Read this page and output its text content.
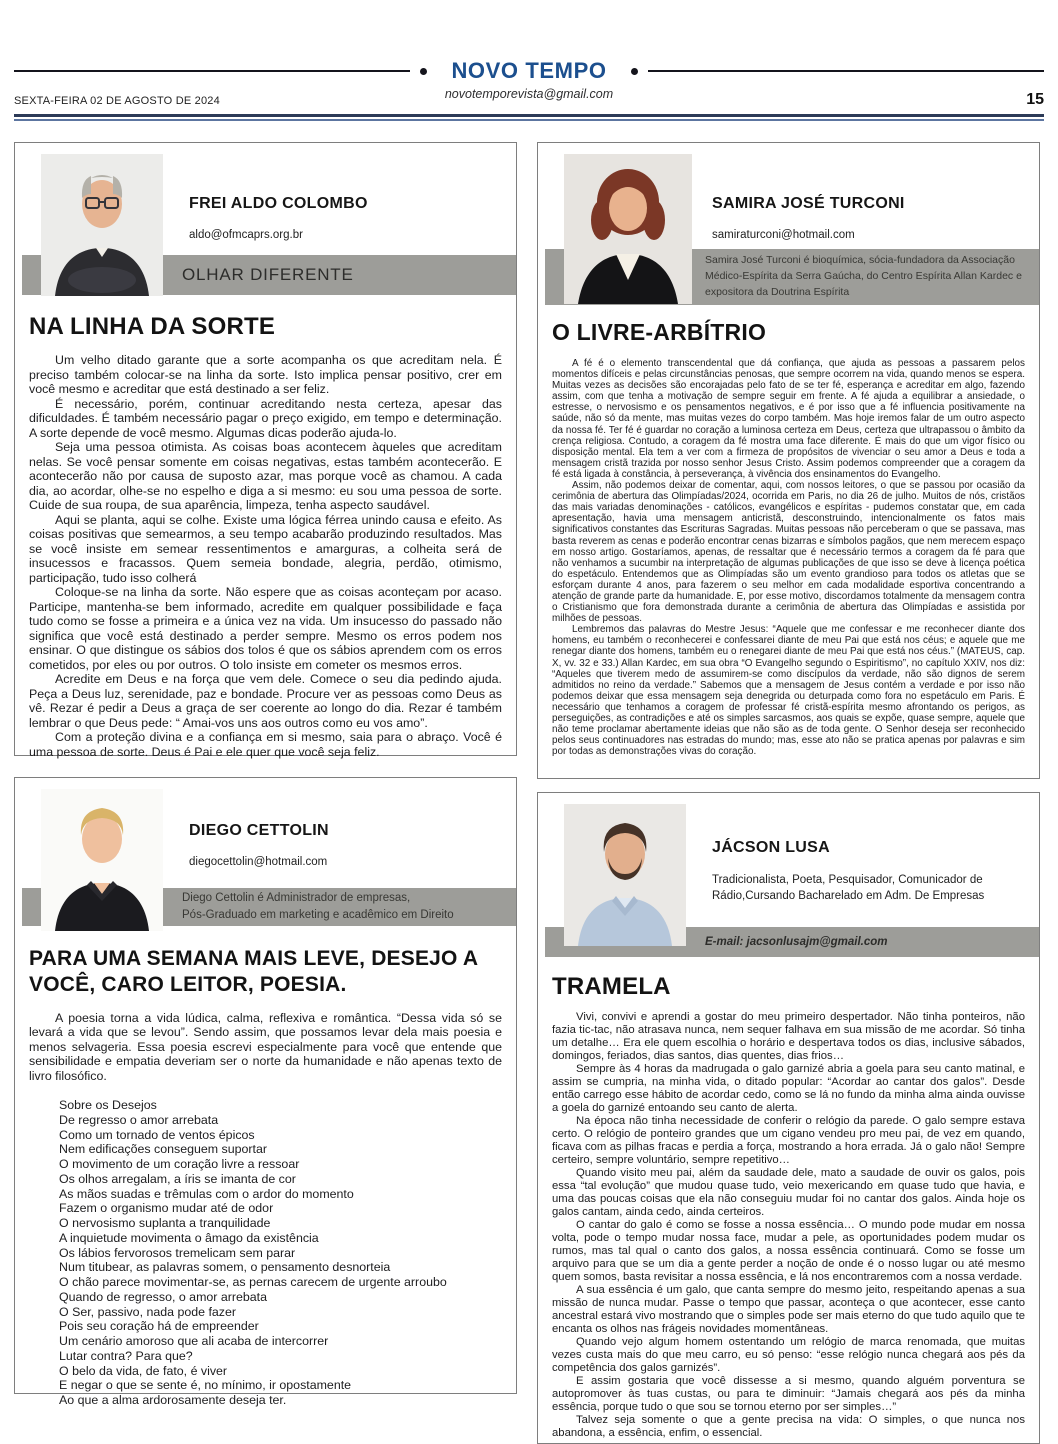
NOVO TEMPO
SEXTA-FEIRA 02 DE AGOSTO DE 2024	novotemporevista@gmail.com	15
OLHAR DIFERENTE
FREI ALDO COLOMBO
aldo@ofmcaprs.org.br
NA LINHA DA SORTE

Um velho ditado garante que a sorte acompanha os que acreditam nela. É preciso também colocar-se na linha da sorte. Isto implica pensar positivo, crer em você mesmo e acreditar que está destinado a ser feliz.

É necessário, porém, continuar acreditando nesta certeza, apesar das dificuldades. É também necessário pagar o preço exigido, em tempo e determinação. A sorte depende de você mesmo. Algumas dicas poderão ajuda-lo.

Seja uma pessoa otimista. As coisas boas acontecem àqueles que acreditam nelas. Se você pensar somente em coisas negativas, estas também acontecerão. E acontecerão não por causa de suposto azar, mas porque você as chamou. A cada dia, ao acordar, olhe-se no espelho e diga a si mesmo: eu sou uma pessoa de sorte. Cuide de sua roupa, de sua aparência, limpeza, tenha aspecto saudável.

Aqui se planta, aqui se colhe. Existe uma lógica férrea unindo causa e efeito. As coisas positivas que semearmos, a seu tempo acabarão produzindo resultados. Mas se você insiste em semear ressentimentos e amarguras, a colheita será de insucessos e fracassos. Quem semeia bondade, alegria, perdão, otimismo, participação, tudo isso colherá

Coloque-se na linha da sorte. Não espere que as coisas aconteçam por acaso. Participe, mantenha-se bem informado, acredite em qualquer possibilidade e faça tudo como se fosse a primeira e a única vez na vida. Um insucesso do passado não significa que você está destinado a perder sempre. Mesmo os erros podem nos ensinar. O que distingue os sábios dos tolos é que os sábios aprendem com os erros cometidos, por eles ou por outros. O tolo insiste em cometer os mesmos erros.

Acredite em Deus e na força que vem dele. Comece o seu dia pedindo ajuda. Peça a Deus luz, serenidade, paz e bondade. Procure ver as pessoas como Deus as vê. Rezar é pedir a Deus a graça de ser coerente ao longo do dia. Rezar é também lembrar o que Deus pede: “ Amai-vos uns aos outros como eu vos amo”.

Com a proteção divina e a confiança em si mesmo, saia para o abraço. Você é uma pessoa de sorte. Deus é Pai e ele quer que você seja feliz.

Diego Cettolin é Administrador de empresas,
Pós-Graduado em marketing e acadêmico em Direito
DIEGO CETTOLIN
diegocettolin@hotmail.com
PARA UMA SEMANA MAIS LEVE, DESEJO A VOCÊ, CARO LEITOR, POESIA.

A poesia torna a vida lúdica, calma, reflexiva e romântica. “Dessa vida só se levará a vida que se levou”. Sendo assim, que possamos levar dela mais poesia e menos selvageria. Essa poesia escrevi especialmente para você que entende que sensibilidade e empatia deveriam ser o norte da humanidade e não apenas texto de livro filosófico.

Sobre os Desejos
De regresso o amor arrebata
Como um tornado de ventos épicos
Nem edificações conseguem suportar
O movimento de um coração livre a ressoar
Os olhos arregalam, a íris se imanta de cor
As mãos suadas e trêmulas com o ardor do momento
Fazem o organismo mudar até de odor
O nervosismo suplanta a tranquilidade
A inquietude movimenta o âmago da existência
Os lábios fervorosos tremelicam sem parar
Num titubear, as palavras somem, o pensamento desnorteia
O chão parece movimentar-se, as pernas carecem de urgente arroubo
Quando de regresso, o amor arrebata
O Ser, passivo, nada pode fazer
Pois seu coração há de empreender
Um cenário amoroso que ali acaba de intercorrer
Lutar contra? Para que?
O belo da vida, de fato, é viver
E negar o que se sente é, no mínimo, ir opostamente
Ao que a alma ardorosamente deseja ter.
Samira José Turconi é bioquímica, sócia-fundadora da Associação Médico-Espírita da Serra Gaúcha, do Centro Espírita Allan Kardec e expositora da Doutrina Espírita
SAMIRA JOSÉ TURCONI
samiraturconi@hotmail.com
O LIVRE-ARBÍTRIO

A fé é o elemento transcendental que dá confiança, que ajuda as pessoas a passarem pelos momentos difíceis e pelas circunstâncias penosas, que sempre ocorrem na vida, quando menos se espera. Muitas vezes as decisões são encorajadas pelo fato de se ter fé, esperança e acreditar em algo, fazendo assim, com que tenha a motivação de sempre seguir em frente. A fé ajuda a equilibrar a ansiedade, o estresse, o nervosismo e os pensamentos negativos, e é por isso que a fé influencia positivamente na saúde, não só da mente, mas muitas vezes do corpo também. Mas hoje iremos falar de um outro aspecto da nossa fé. Ter fé é guardar no coração a luminosa certeza em Deus, certeza que ultrapassou o âmbito da crença religiosa. Contudo, a coragem da fé mostra uma face diferente. É mais do que um vigor físico ou disposição mental. Ela tem a ver com a firmeza de propósitos de vivenciar o seu amor a Deus e toda a mensagem cristã trazida por nosso senhor Jesus Cristo. Assim podemos compreender que a coragem da fé está ligada à constância, à perseverança, à vivência dos ensinamentos do Evangelho.

Assim, não podemos deixar de comentar, aqui, com nossos leitores, o que se passou por ocasião da cerimônia de abertura das Olimpíadas/2024, ocorrida em Paris, no dia 26 de julho. Muitos de nós, cristãos das mais variadas denominações - católicos, evangélicos e espíritas - pudemos constatar que, em cada apresentação, havia uma mensagem anticristã, desconstruindo, intencionalmente os fatos mais significativos constantes das Escrituras Sagradas. Muitas pessoas não perceberam o que se passava, mas basta reverem as cenas e poderão encontrar cenas bizarras e símbolos pagãos, que nem merecem espaço em nosso artigo. Gostaríamos, apenas, de ressaltar que é necessário termos a coragem da fé para que não venhamos a sucumbir na interpretação de algumas publicações de que isso se deve à licença poética do espetáculo. Entendemos que as Olimpíadas são um evento grandioso para todos os atletas que se esforçam durante 4 anos, para fazerem o seu melhor em cada modalidade esportiva concentrando a atenção de grande parte da humanidade. E, por esse motivo, discordamos totalmente da mensagem contra o Cristianismo que fora demonstrada durante a cerimônia de abertura das Olimpíadas e assistida por milhões de pessoas.

Lembremos das palavras do Mestre Jesus: “Aquele que me confessar e me reconhecer diante dos homens, eu também o reconhecerei e confessarei diante de meu Pai que está nos céus; e aquele que me renegar diante dos homens, também eu o renegarei diante de meu Pai que está nos céus.” (MATEUS, cap. X, vv. 32 e 33.) Allan Kardec, em sua obra “O Evangelho segundo o Espiritismo”, no capítulo XXIV, nos diz: “Aqueles que tiverem medo de assumirem-se como discípulos da verdade, não são dignos de serem admitidos no reino da verdade.” Sabemos que a mensagem de Jesus contém a verdade e por isso não podemos deixar que essa mensagem seja denegrida ou deturpada como fora no espetáculo em Paris. É necessário que tenhamos a coragem de professar fé cristã-espírita mesmo afrontando os perigos, as perseguições, as contradições e até os simples sarcasmos, aos quais se expõe, quase sempre, aquele que não teme proclamar abertamente ideias que não são as de toda gente. O Senhor deseja ser reconhecido pelos seus continuadores nas estradas do mundo; mas, esse ato não se pratica apenas por palavras e sim por todas as demonstrações vivas do coração.

E-mail: jacsonlusajm@gmail.com
JÁCSON LUSA
Tradicionalista, Poeta, Pesquisador, Comunicador de Rádio,Cursando Bacharelado em Adm. De Empresas
TRAMELA

Vivi, convivi e aprendi a gostar do meu primeiro despertador. Não tinha ponteiros, não fazia tic-tac, não atrasava nunca, nem sequer falhava em sua missão de me acordar. Só tinha um detalhe… Era ele quem escolhia o horário e despertava todos os dias, inclusive sábados, domingos, feriados, dias santos, dias quentes, dias frios…

Sempre às 4 horas da madrugada o galo garnizé abria a goela para seu canto matinal, e assim se cumpria, na minha vida, o ditado popular: “Acordar ao cantar dos galos”. Desde então carrego esse hábito de acordar cedo, como se lá no fundo da minha alma ainda ouvisse a goela do garnizé entoando seu canto de alerta.

Na época não tinha necessidade de conferir o relógio da parede. O galo sempre estava certo. O relógio de ponteiro grandes que um cigano vendeu pro meu pai, de vez em quando, ficava com as pilhas fracas e perdia a força, mostrando a hora errada. Já o galo não! Sempre certeiro, sempre voluntário, sempre repetitivo…

Quando visito meu pai, além da saudade dele, mato a saudade de ouvir os galos, pois essa “tal evolução” que mudou quase tudo, veio mexericando em quase tudo que havia, e uma das poucas coisas que ela não conseguiu mudar foi no cantar dos galos. Ainda hoje os galos cantam, ainda cedo, ainda certeiros.

O cantar do galo é como se fosse a nossa essência… O mundo pode mudar em nossa volta, pode o tempo mudar nossa face, mudar a pele, as oportunidades podem mudar os rumos, mas tal qual o canto dos galos, a nossa essência continuará. Como se fosse um arquivo para que se um dia a gente perder a noção de onde é o nosso lugar ou até mesmo quem somos, basta revisitar a nossa essência, e lá nos encontraremos com a nossa verdade.

A sua essência é um galo, que canta sempre do mesmo jeito, respeitando apenas a sua missão de nunca mudar. Passe o tempo que passar, aconteça o que acontecer, esse canto ancestral estará vivo mostrando que o simples pode ser mais eterno do que tudo aquilo que te encanta os olhos nas frágeis novidades momentâneas.

Quando vejo algum homem ostentando um relógio de marca renomada, que muitas vezes custa mais do que meu carro, eu só penso: “esse relógio nunca chegará aos pés da competência dos galos garnizés”.

E assim gostaria que você dissesse a si mesmo, quando alguém porventura se autopromover às tuas custas, ou para te diminuir: “Jamais chegará aos pés da minha essência, porque tudo o que sou se tornou eterno por ser simples…”

Talvez seja somente o que a gente precisa na vida: O simples, o que nunca nos abandona, a essência, enfim, o essencial.
